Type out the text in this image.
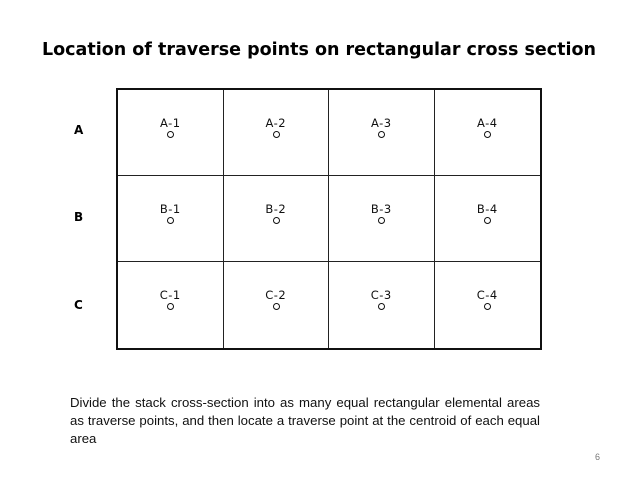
Location of traverse points on rectangular cross section
A
B
C
A-1	A-2	A-3	A-4
B-1	B-2	B-3	B-4
C-1	C-2	C-3	C-4
Divide the stack cross-section into as many equal rectangular elemental areas as traverse points, and then locate a traverse point at the centroid of each equal area
6
